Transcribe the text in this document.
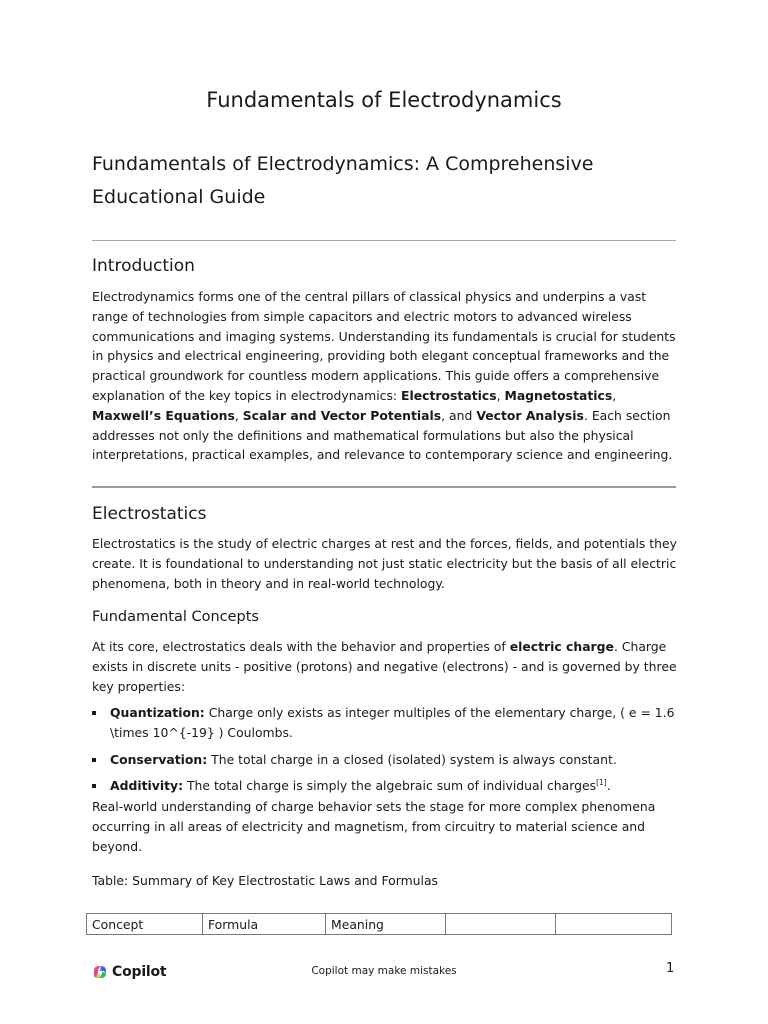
Fundamentals of Electrodynamics
Fundamentals of Electrodynamics: A Comprehensive Educational Guide
Introduction

Electrodynamics forms one of the central pillars of classical physics and underpins a vast range of technologies from simple capacitors and electric motors to advanced wireless communications and imaging systems. Understanding its fundamentals is crucial for students in physics and electrical engineering, providing both elegant conceptual frameworks and the practical groundwork for countless modern applications. This guide offers a comprehensive explanation of the key topics in electrodynamics: Electrostatics, Magnetostatics, Maxwell’s Equations, Scalar and Vector Potentials, and Vector Analysis. Each section addresses not only the definitions and mathematical formulations but also the physical interpretations, practical examples, and relevance to contemporary science and engineering.

Electrostatics

Electrostatics is the study of electric charges at rest and the forces, fields, and potentials they create. It is foundational to understanding not just static electricity but the basis of all electric phenomena, both in theory and in real-world technology.

Fundamental Concepts

At its core, electrostatics deals with the behavior and properties of electric charge. Charge exists in discrete units - positive (protons) and negative (electrons) - and is governed by three key properties:

Quantization: Charge only exists as integer multiples of the elementary charge, ( e = 1.6 \times 10^{-19} ) Coulombs.
Conservation: The total charge in a closed (isolated) system is always constant.
Additivity: The total charge is simply the algebraic sum of individual charges[1].

Real-world understanding of charge behavior sets the stage for more complex phenomena occurring in all areas of electricity and magnetism, from circuitry to material science and beyond.

Table: Summary of Key Electrostatic Laws and Formulas

Concept	Formula	Meaning		
Copilot	Copilot may make mistakes	1
